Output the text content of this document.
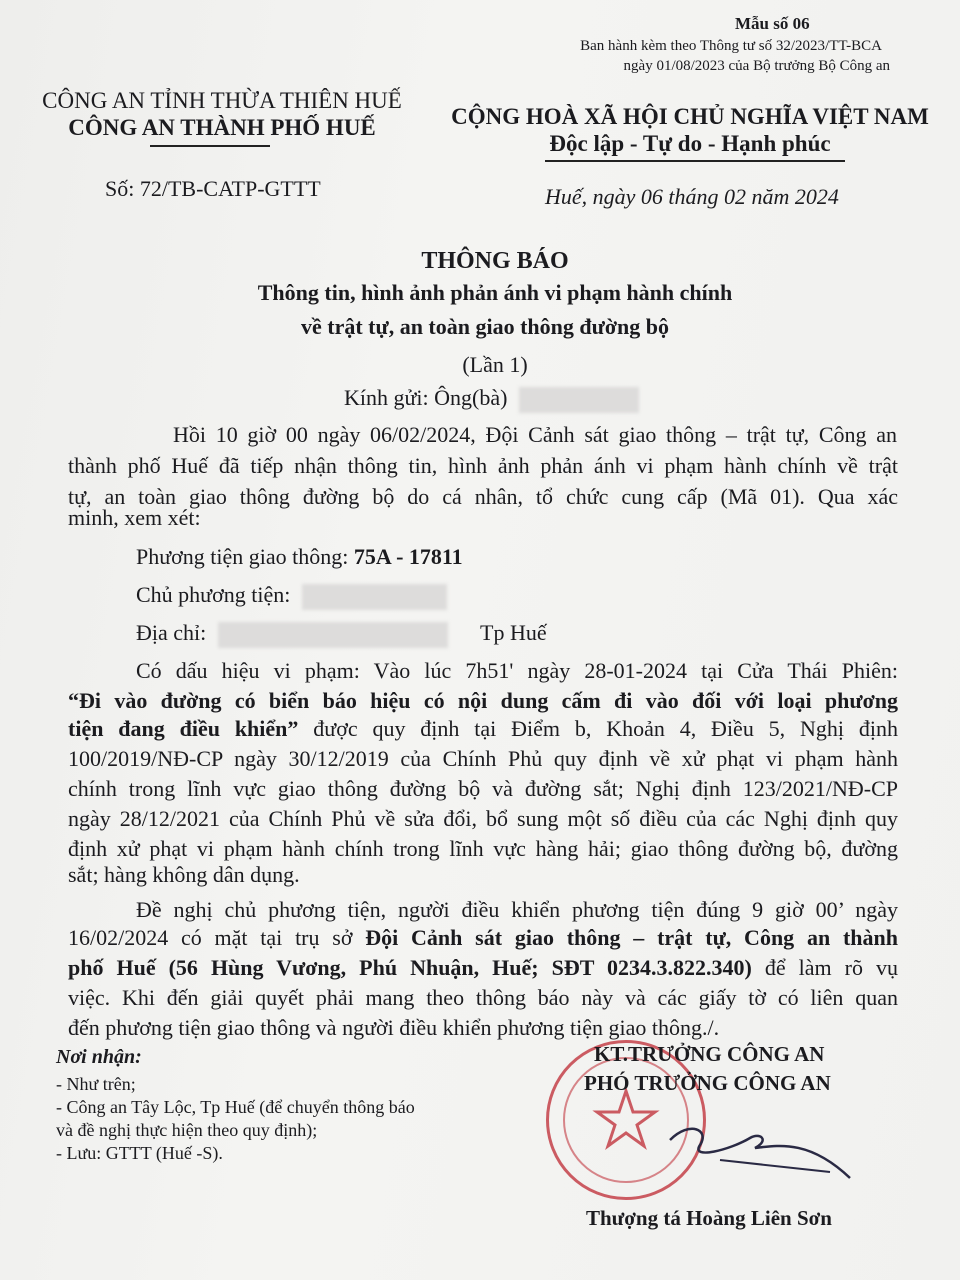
Mẫu số 06
Ban hành kèm theo Thông tư số 32/2023/TT-BCA
ngày 01/08/2023 của Bộ trưởng Bộ Công an
CÔNG AN TỈNH THỪA THIÊN HUẾ
CÔNG AN THÀNH PHỐ HUẾ
Số: 72/TB-CATP-GTTT
CỘNG HOÀ XÃ HỘI CHỦ NGHĨA VIỆT NAM
Độc lập - Tự do - Hạnh phúc
Huế, ngày 06 tháng 02 năm 2024
THÔNG BÁO
Thông tin, hình ảnh phản ánh vi phạm hành chính
về trật tự, an toàn giao thông đường bộ
(Lần 1)
Kính gửi: Ông(bà)
Hồi 10 giờ 00 ngày 06/02/2024, Đội Cảnh sát giao thông – trật tự, Công an
thành phố Huế đã tiếp nhận thông tin, hình ảnh phản ánh vi phạm hành chính về trật
tự, an toàn giao thông đường bộ do cá nhân, tổ chức cung cấp (Mã 01). Qua xác
minh, xem xét:
Phương tiện giao thông: 75A - 17811
Chủ phương tiện:
Địa chỉ:	Tp Huế
Có dấu hiệu vi phạm: Vào lúc 7h51' ngày 28-01-2024 tại Cửa Thái Phiên:
“Đi vào đường có biển báo hiệu có nội dung cấm đi vào đối với loại phương
tiện đang điều khiển” được quy định tại Điểm b, Khoản 4, Điều 5, Nghị định
100/2019/NĐ-CP ngày 30/12/2019 của Chính Phủ quy định về xử phạt vi phạm hành
chính trong lĩnh vực giao thông đường bộ và đường sắt; Nghị định 123/2021/NĐ-CP
ngày 28/12/2021 của Chính Phủ về sửa đổi, bổ sung một số điều của các Nghị định quy
định xử phạt vi phạm hành chính trong lĩnh vực hàng hải; giao thông đường bộ, đường
sắt; hàng không dân dụng.
Đề nghị chủ phương tiện, người điều khiển phương tiện đúng 9 giờ 00’ ngày
16/02/2024 có mặt tại trụ sở Đội Cảnh sát giao thông – trật tự, Công an thành
phố Huế (56 Hùng Vương, Phú Nhuận, Huế; SĐT 0234.3.822.340) để làm rõ vụ
việc. Khi đến giải quyết phải mang theo thông báo này và các giấy tờ có liên quan
đến phương tiện giao thông và người điều khiển phương tiện giao thông./.
Nơi nhận:
- Như trên;
- Công an Tây Lộc, Tp Huế (để chuyển thông báo
và đề nghị thực hiện theo quy định);
- Lưu: GTTT (Huế -S).
KT.TRƯỞNG CÔNG AN
PHÓ TRƯỞNG CÔNG AN
Thượng tá Hoàng Liên Sơn
